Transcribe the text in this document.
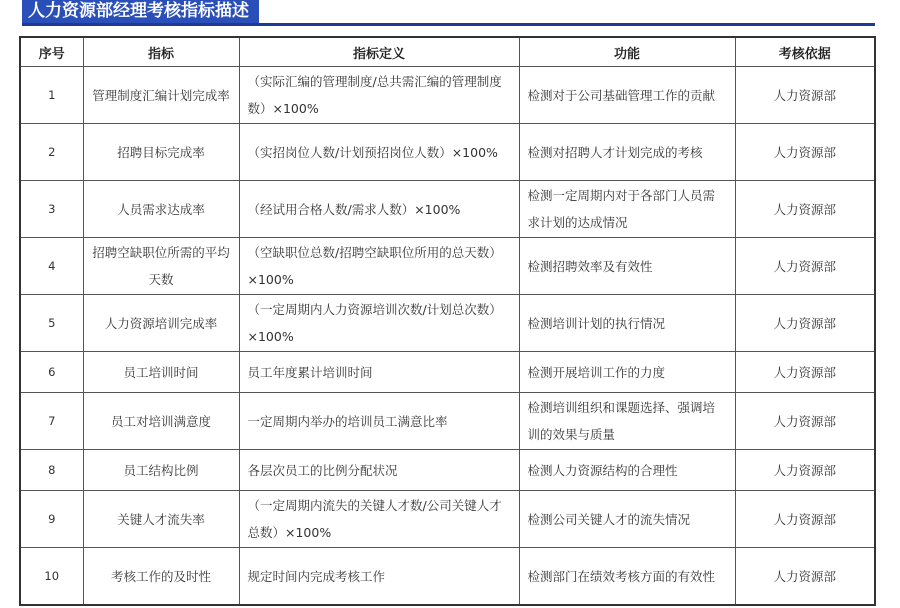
人力资源部经理考核指标描述
序号	指标	指标定义	功能	考核依据
1	管理制度汇编计划完成率	（实际汇编的管理制度/总共需汇编的管理制度数）×100%	检测对于公司基础管理工作的贡献	人力资源部
2	招聘目标完成率	（实招岗位人数/计划预招岗位人数）×100%	检测对招聘人才计划完成的考核	人力资源部
3	人员需求达成率	（经试用合格人数/需求人数）×100%	检测一定周期内对于各部门人员需求计划的达成情况	人力资源部
4	招聘空缺职位所需的平均天数	（空缺职位总数/招聘空缺职位所用的总天数）×100%	检测招聘效率及有效性	人力资源部
5	人力资源培训完成率	（一定周期内人力资源培训次数/计划总次数）×100%	检测培训计划的执行情况	人力资源部
6	员工培训时间	员工年度累计培训时间	检测开展培训工作的力度	人力资源部
7	员工对培训满意度	一定周期内举办的培训员工满意比率	检测培训组织和课题选择、强调培训的效果与质量	人力资源部
8	员工结构比例	各层次员工的比例分配状况	检测人力资源结构的合理性	人力资源部
9	关键人才流失率	（一定周期内流失的关键人才数/公司关键人才总数）×100%	检测公司关键人才的流失情况	人力资源部
10	考核工作的及时性	规定时间内完成考核工作	检测部门在绩效考核方面的有效性	人力资源部
